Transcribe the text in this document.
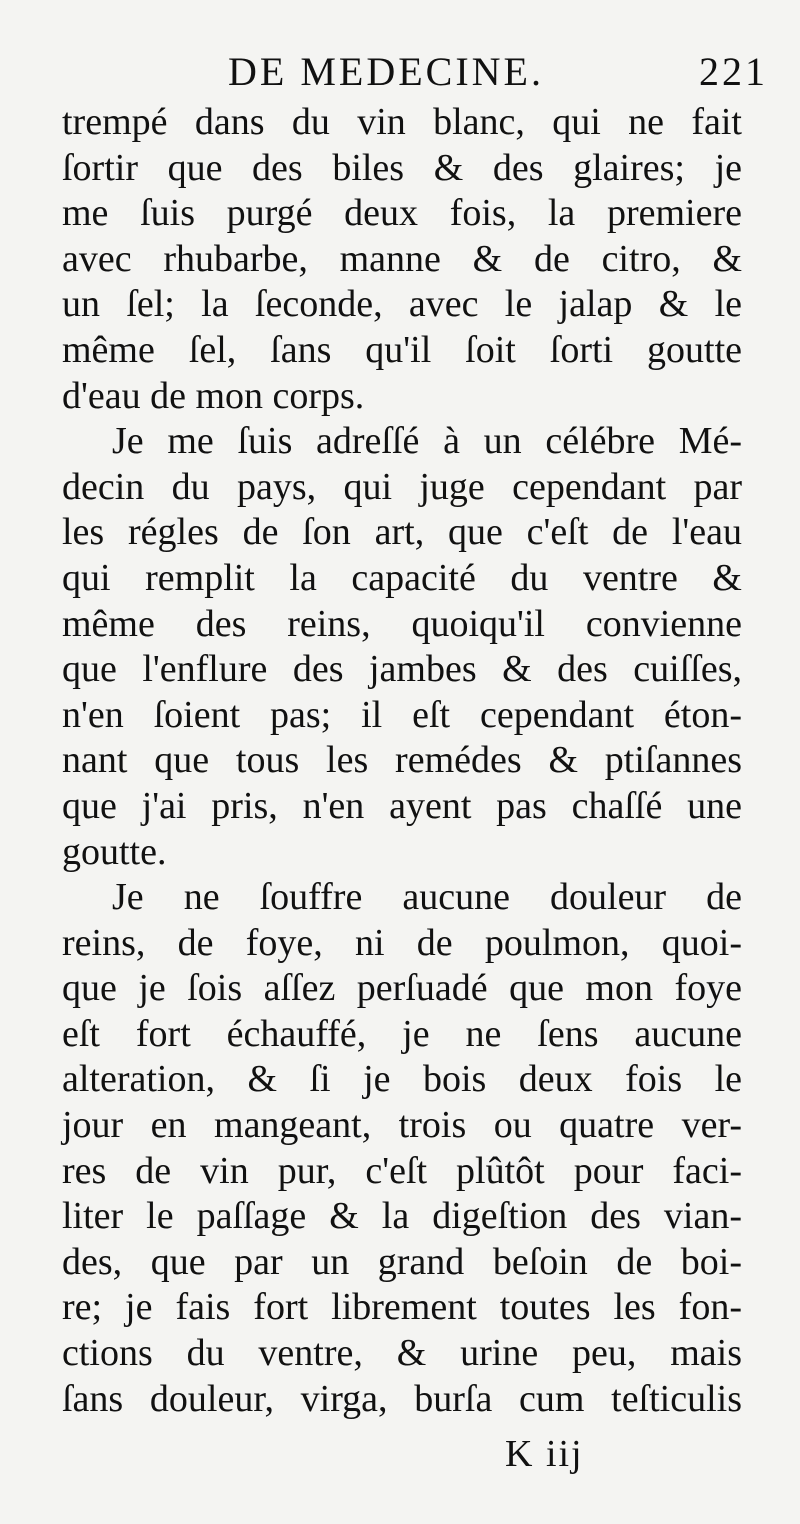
DE MEDECINE.	221
trempé dans du vin blanc, qui ne fait
ſortir que des biles & des glaires; je
me ſuis purgé deux fois, la premiere
avec rhubarbe, manne & de citro, &
un ſel; la ſeconde, avec le jalap & le
même ſel, ſans qu'il ſoit ſorti goutte
d'eau de mon corps.
Je me ſuis adreſſé à un célébre Mé-
decin du pays, qui juge cependant par
les régles de ſon art, que c'eſt de l'eau
qui remplit la capacité du ventre &
même des reins, quoiqu'il convienne
que l'enflure des jambes & des cuiſſes,
n'en ſoient pas; il eſt cependant éton-
nant que tous les remédes & ptiſannes
que j'ai pris, n'en ayent pas chaſſé une
goutte.
Je ne ſouffre aucune douleur de
reins, de foye, ni de poulmon, quoi-
que je ſois aſſez perſuadé que mon foye
eſt fort échauffé, je ne ſens aucune
alteration, & ſi je bois deux fois le
jour en mangeant, trois ou quatre ver-
res de vin pur, c'eſt plûtôt pour faci-
liter le paſſage & la digeſtion des vian-
des, que par un grand beſoin de boi-
re; je fais fort librement toutes les fon-
ctions du ventre, & urine peu, mais
ſans douleur, virga, burſa cum teſticulis
K iij
